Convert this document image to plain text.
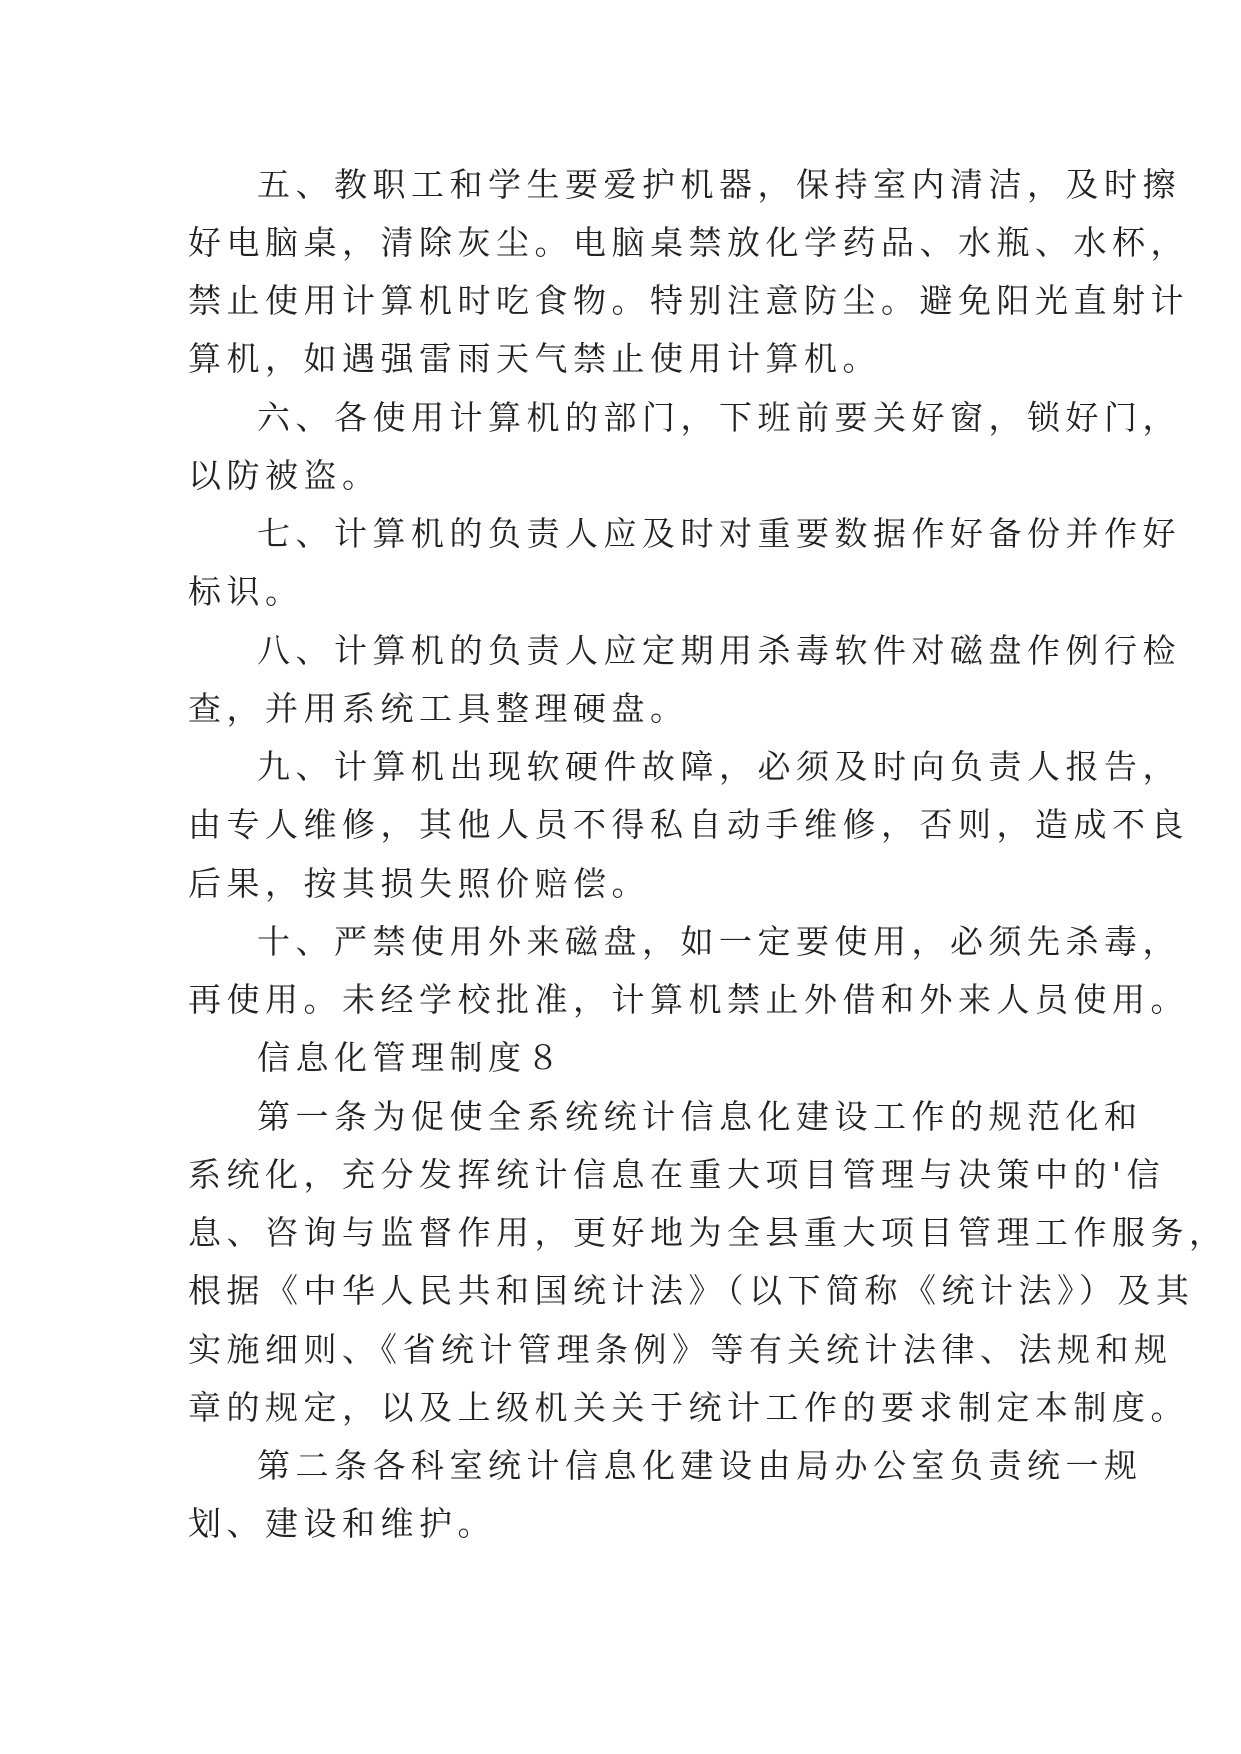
五、教职工和学生要爱护机器，保持室内清洁，及时擦
好电脑桌，清除灰尘。电脑桌禁放化学药品、水瓶、水杯，
禁止使用计算机时吃食物。特别注意防尘。避免阳光直射计
算机，如遇强雷雨天气禁止使用计算机。
六、各使用计算机的部门，下班前要关好窗，锁好门，
以防被盗。
七、计算机的负责人应及时对重要数据作好备份并作好
标识。
八、计算机的负责人应定期用杀毒软件对磁盘作例行检
查，并用系统工具整理硬盘。
九、计算机出现软硬件故障，必须及时向负责人报告，
由专人维修，其他人员不得私自动手维修，否则，造成不良
后果，按其损失照价赔偿。
十、严禁使用外来磁盘，如一定要使用，必须先杀毒，
再使用。未经学校批准，计算机禁止外借和外来人员使用。
信息化管理制度８
第一条为促使全系统统计信息化建设工作的规范化和
系统化，充分发挥统计信息在重大项目管理与决策中的'信
息、咨询与监督作用，更好地为全县重大项目管理工作服务，
根据《中华人民共和国统计法》（以下简称《统计法》）及其
实施细则、《省统计管理条例》等有关统计法律、法规和规
章的规定，以及上级机关关于统计工作的要求制定本制度。
第二条各科室统计信息化建设由局办公室负责统一规
划、建设和维护。
